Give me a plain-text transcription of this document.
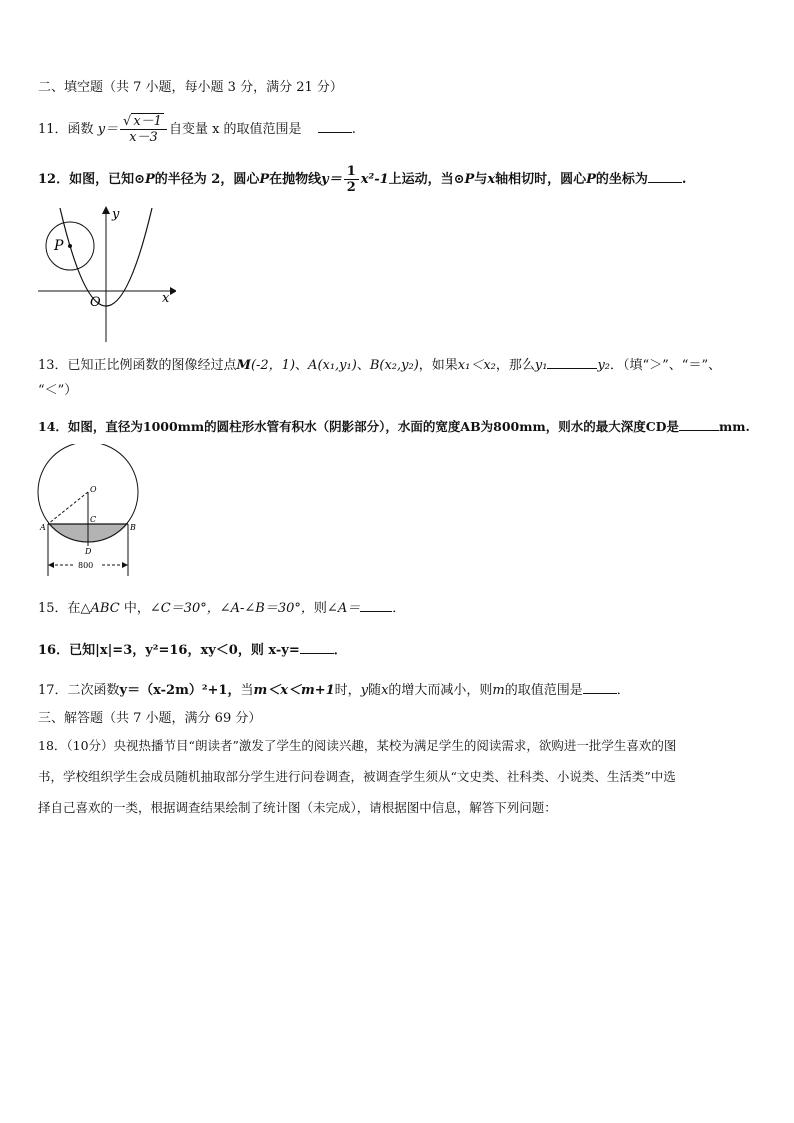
二、填空题（共 7 小题，每小题 3 分，满分 21 分）
11．函数 $y= \frac{√ x-1}{x-3}$ 自变量 x 的取值范围是	.
12．如图，已知⊙P的半径为 2，圆心P在抛物线$y= \frac{1}{2} x^2-1$上运动，当⊙P与x轴相切时，圆心P的坐标为	.
P
O	x
y
13．已知正比例函数的图像经过点M(-2，1)、A(x₁,y₁)、B(x₂,y₂)，如果x₁＜x₂，那么y₁	y₂．（填“＞”、“＝”、
“＜”）
14．如图，直径为1000mm的圆柱形水管有积水（阴影部分），水面的宽度AB为800mm，则水的最大深度CD是	mm.
O
A	B
C
D
800
15．在△ABC 中，∠C＝30°，∠A-∠B＝30°，则∠A＝ ．
16．已知|x|=3，y²=16，xy＜0，则 x-y=	．
17．二次函数y＝（x-2m）²+1，当m＜x＜m+1时，y随x的增大而减小，则m的取值范围是	．
三、解答题（共 7 小题，满分 69 分）
18．（10分）央视热播节目“朗读者”激发了学生的阅读兴趣，某校为满足学生的阅读需求，欲购进一批学生喜欢的图
书，学校组织学生会成员随机抽取部分学生进行问卷调查，被调查学生须从“文史类、社科类、小说类、生活类”中选
择自己喜欢的一类，根据调查结果绘制了统计图（未完成），请根据图中信息，解答下列问题：
